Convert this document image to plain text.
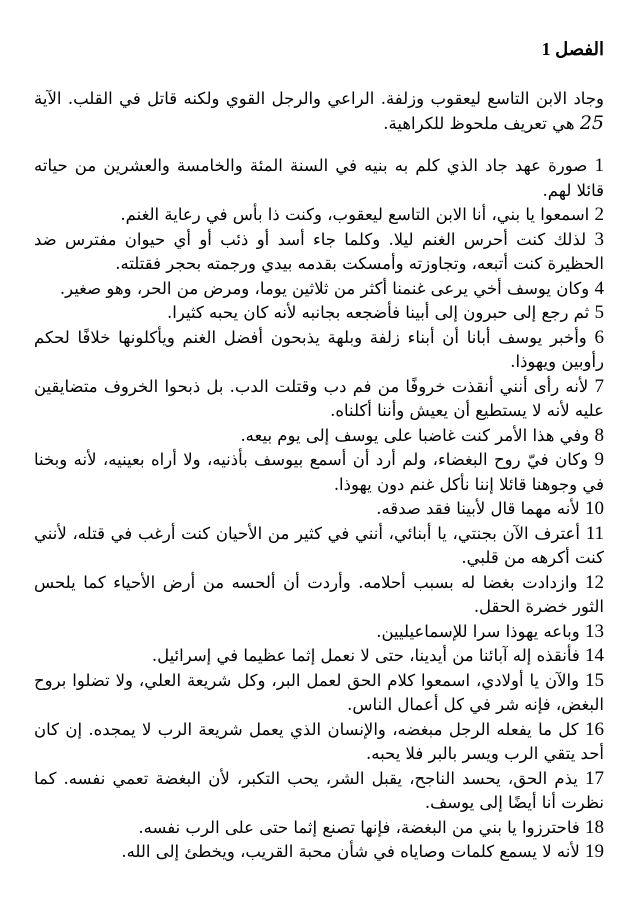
الفصل 1

وجاد الابن التاسع ليعقوب وزلفة. الراعي والرجل القوي ولكنه قاتل في القلب. الآية 25 هي تعريف ملحوظ للكراهية.

1 صورة عهد جاد الذي كلم به بنيه في السنة المئة والخامسة والعشرين من حياته قائلا لهم.

2 اسمعوا يا بني، أنا الابن التاسع ليعقوب، وكنت ذا بأس في رعاية الغنم.

3 لذلك كنت أحرس الغنم ليلا. وكلما جاء أسد أو ذئب أو أي حيوان مفترس ضد الحظيرة كنت أتبعه، وتجاوزته وأمسكت بقدمه بيدي ورجمته بحجر فقتلته.

4 وكان يوسف أخي يرعى غنمنا أكثر من ثلاثين يوما، ومرض من الحر، وهو صغير.

5 ثم رجع إلى حبرون إلى أبينا فأضجعه بجانبه لأنه كان يحبه كثيرا.

6 وأخبر يوسف أبانا أن أبناء زلفة وبلهة يذبحون أفضل الغنم ويأكلونها خلافًا لحكم رأوبين ويهوذا.

7 لأنه رأى أنني أنقذت خروفًا من فم دب وقتلت الدب. بل ذبحوا الخروف متضايقين عليه لأنه لا يستطيع أن يعيش وأننا أكلناه.

8 وفي هذا الأمر كنت غاضبا على يوسف إلى يوم بيعه.

9 وكان فيّ روح البغضاء، ولم أرد أن أسمع بيوسف بأذنيه، ولا أراه بعينيه، لأنه وبخنا في وجوهنا قائلا إننا نأكل غنم دون يهوذا.

10 لأنه مهما قال لأبينا فقد صدقه.

11 أعترف الآن بجنتي، يا أبنائي، أنني في كثير من الأحيان كنت أرغب في قتله، لأنني كنت أكرهه من قلبي.

12 وازدادت بغضا له بسبب أحلامه. وأردت أن ألحسه من أرض الأحياء كما يلحس الثور خضرة الحقل.

13 وباعه يهوذا سرا للإسماعيليين.

14 فأنقذه إله آبائنا من أيدينا، حتى لا نعمل إثما عظيما في إسرائيل.

15 والآن يا أولادي، اسمعوا كلام الحق لعمل البر، وكل شريعة العلي، ولا تضلوا بروح البغض، فإنه شر في كل أعمال الناس.

16 كل ما يفعله الرجل مبغضه، والإنسان الذي يعمل شريعة الرب لا يمجده. إن كان أحد يتقي الرب ويسر بالبر فلا يحبه.

17 يذم الحق، يحسد الناجح، يقبل الشر، يحب التكبر، لأن البغضة تعمي نفسه. كما نظرت أنا أيضًا إلى يوسف.

18 فاحترزوا يا بني من البغضة، فإنها تصنع إثما حتى على الرب نفسه.

19 لأنه لا يسمع كلمات وصاياه في شأن محبة القريب، ويخطئ إلى الله.
